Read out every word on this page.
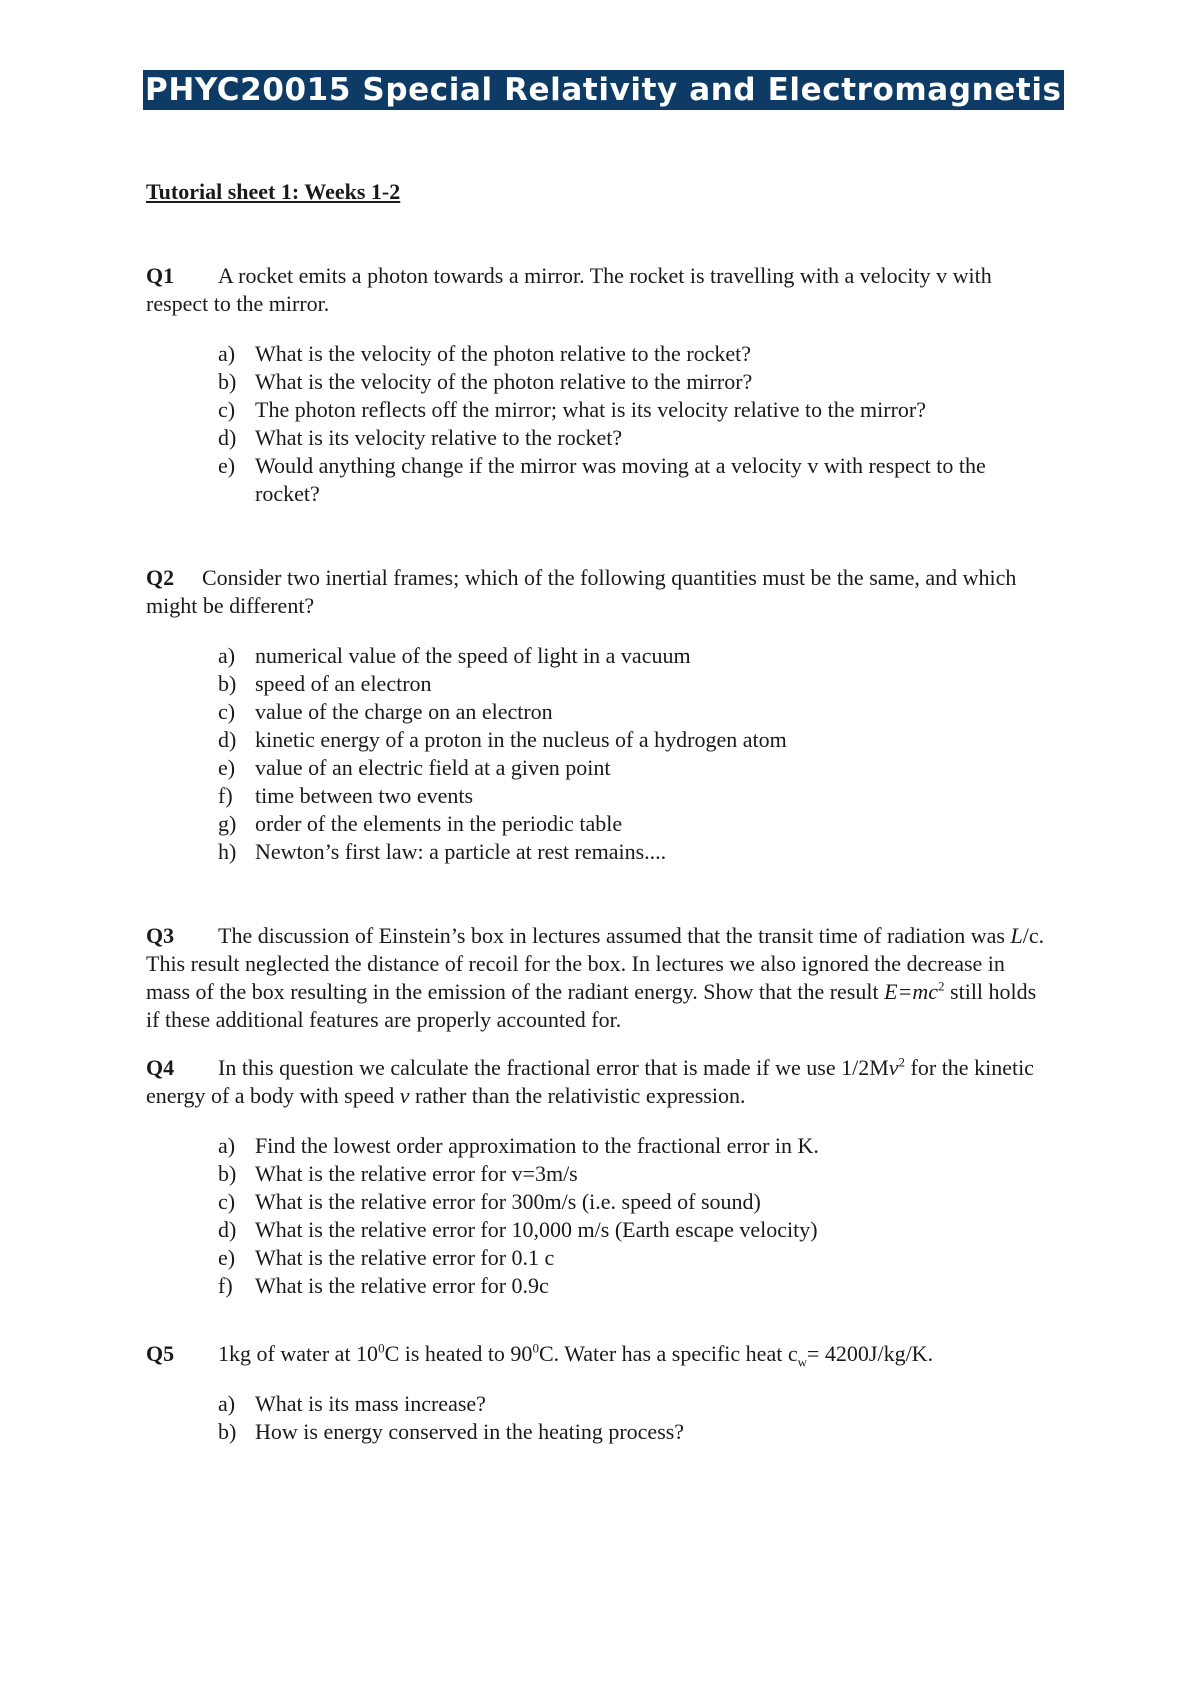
PHYC20015 Special Relativity and Electromagnetism

Tutorial sheet 1: Weeks 1-2

Q1 A rocket emits a photon towards a mirror. The rocket is travelling with a velocity v with respect to the mirror.

a) What is the velocity of the photon relative to the rocket?
b) What is the velocity of the photon relative to the mirror?
c) The photon reflects off the mirror; what is its velocity relative to the mirror?
d) What is its velocity relative to the rocket?
e) Would anything change if the mirror was moving at a velocity v with respect to the rocket?

Q2 Consider two inertial frames; which of the following quantities must be the same, and which might be different?

a) numerical value of the speed of light in a vacuum
b) speed of an electron
c) value of the charge on an electron
d) kinetic energy of a proton in the nucleus of a hydrogen atom
e) value of an electric field at a given point
f) time between two events
g) order of the elements in the periodic table
h) Newton’s first law: a particle at rest remains....

Q3 The discussion of Einstein’s box in lectures assumed that the transit time of radiation was L/c. This result neglected the distance of recoil for the box. In lectures we also ignored the decrease in mass of the box resulting in the emission of the radiant energy. Show that the result $E=mc^2$ still holds if these additional features are properly accounted for.

Q4 In this question we calculate the fractional error that is made if we use 1/2Mv$^2$ for the kinetic energy of a body with speed v rather than the relativistic expression.

a) Find the lowest order approximation to the fractional error in K.
b) What is the relative error for v=3m/s
c) What is the relative error for 300m/s (i.e. speed of sound)
d) What is the relative error for 10,000 m/s (Earth escape velocity)
e) What is the relative error for 0.1 c
f) What is the relative error for 0.9c

Q5 1kg of water at $10^0C$ is heated to $90^0C$. Water has a specific heat $c_w= 4200J/kg/K$.

a) What is its mass increase?
b) How is energy conserved in the heating process?
